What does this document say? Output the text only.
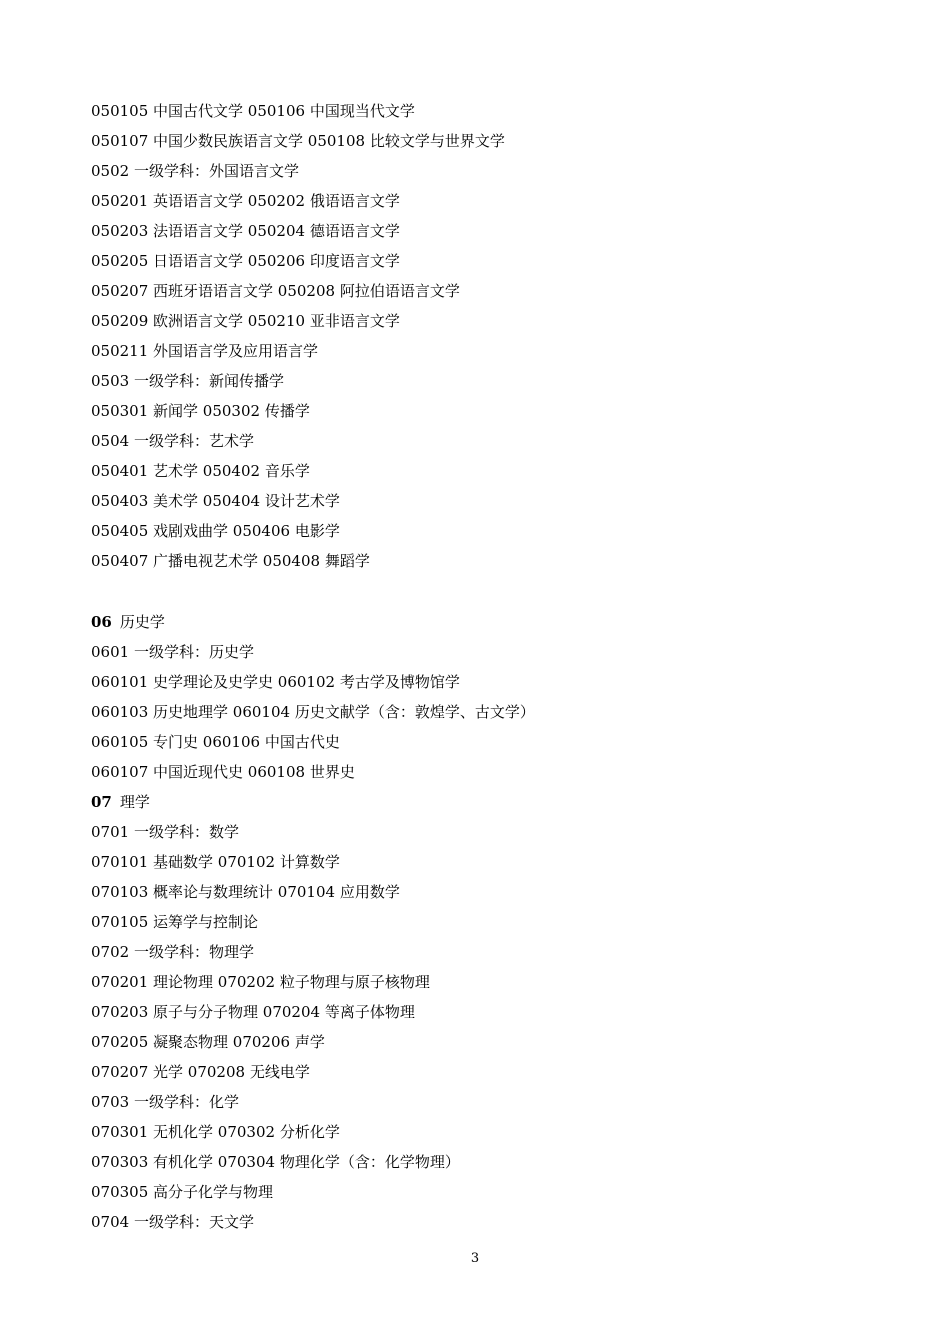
050105 中国古代文学 050106 中国现当代文学
050107 中国少数民族语言文学 050108 比较文学与世界文学
0502 一级学科：外国语言文学
050201 英语语言文学 050202 俄语语言文学
050203 法语语言文学 050204 德语语言文学
050205 日语语言文学 050206 印度语言文学
050207 西班牙语语言文学 050208 阿拉伯语语言文学
050209 欧洲语言文学 050210 亚非语言文学
050211 外国语言学及应用语言学
0503 一级学科：新闻传播学
050301 新闻学 050302 传播学
0504 一级学科：艺术学
050401 艺术学 050402 音乐学
050403 美术学 050404 设计艺术学
050405 戏剧戏曲学 050406 电影学
050407 广播电视艺术学 050408 舞蹈学
06 历史学
0601 一级学科：历史学
060101 史学理论及史学史 060102 考古学及博物馆学
060103 历史地理学 060104 历史文献学（含：敦煌学、古文学）
060105 专门史 060106 中国古代史
060107 中国近现代史 060108 世界史
07 理学
0701 一级学科：数学
070101 基础数学 070102 计算数学
070103 概率论与数理统计 070104 应用数学
070105 运筹学与控制论
0702 一级学科：物理学
070201 理论物理 070202 粒子物理与原子核物理
070203 原子与分子物理 070204 等离子体物理
070205 凝聚态物理 070206 声学
070207 光学 070208 无线电学
0703 一级学科：化学
070301 无机化学 070302 分析化学
070303 有机化学 070304 物理化学（含：化学物理）
070305 高分子化学与物理
0704 一级学科：天文学
3
